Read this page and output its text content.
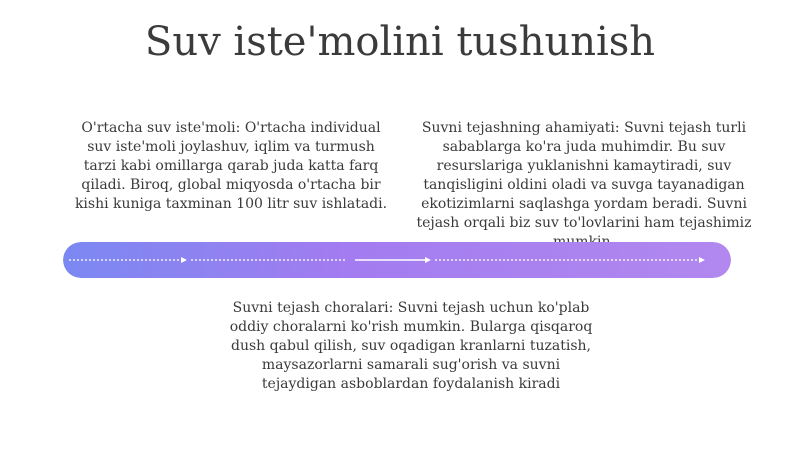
Suv iste'molini tushunish
O'rtacha suv iste'moli: O'rtacha individual suv iste'moli joylashuv, iqlim va turmush tarzi kabi omillarga qarab juda katta farq qiladi. Biroq, global miqyosda o'rtacha bir kishi kuniga taxminan 100 litr suv ishlatadi.
Suvni tejashning ahamiyati: Suvni tejash turli sabablarga ko'ra juda muhimdir. Bu suv resurslariga yuklanishni kamaytiradi, suv tanqisligini oldini oladi va suvga tayanadigan ekotizimlarni saqlashga yordam beradi. Suvni tejash orqali biz suv to'lovlarini ham tejashimiz
Suvni tejash choralari: Suvni tejash uchun ko'plab oddiy choralarni ko'rish mumkin. Bularga qisqaroq dush qabul qilish, suv oqadigan kranlarni tuzatish, maysazorlarni samarali sug'orish va suvni tejaydigan asboblardan foydalanish kiradi
